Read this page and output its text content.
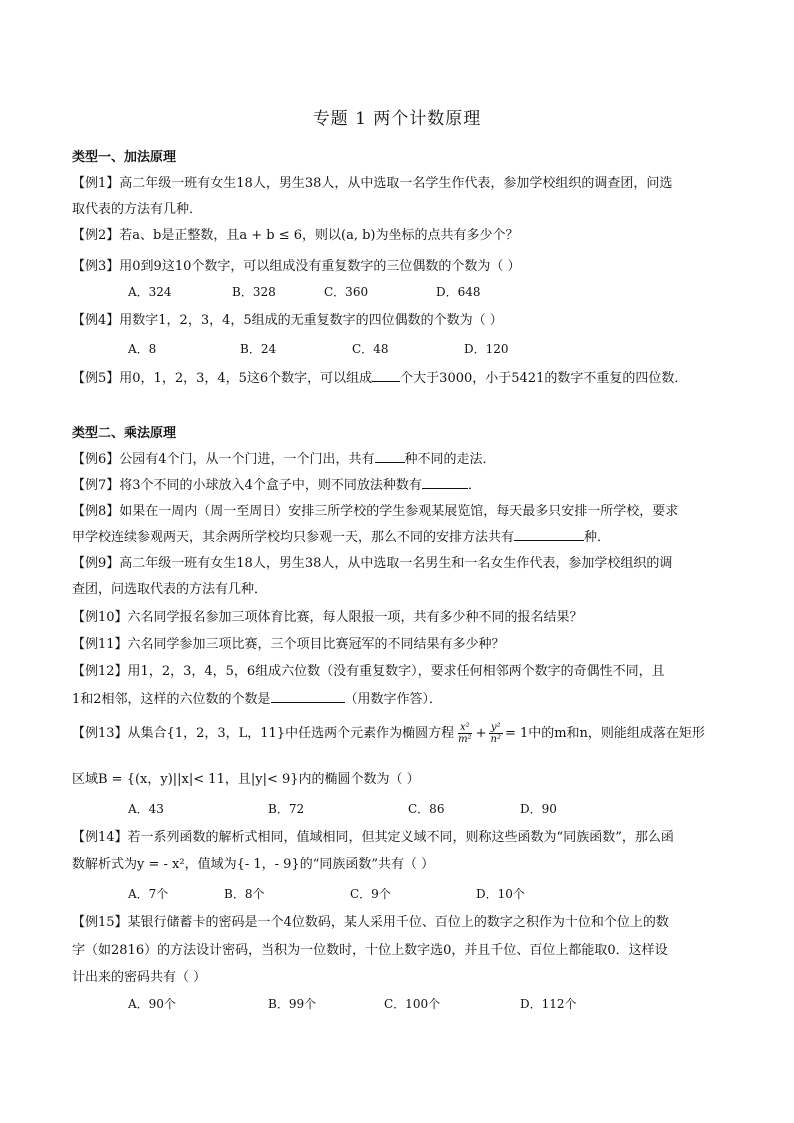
专题 1 两个计数原理
类型一、加法原理
【例1】高二年级一班有女生18人，男生38人，从中选取一名学生作代表，参加学校组织的调查团，问选
取代表的方法有几种．
【例2】若a、b是正整数，且a + b ≤ 6，则以(a, b)为坐标的点共有多少个？
【例3】用0到9这10个数字，可以组成没有重复数字的三位偶数的个数为（ ）
A．324	B．328	C．360	D．648
【例4】用数字1，2，3，4，5组成的无重复数字的四位偶数的个数为（ ）
A．8	B．24	C．48	D．120
【例5】用0，1，2，3，4，5这6个数字，可以组成 个大于3000，小于5421的数字不重复的四位数．
类型二、乘法原理
【例6】公园有4个门，从一个门进，一个门出，共有 种不同的走法．
【例7】将3个不同的小球放入4个盒子中，则不同放法种数有	．
【例8】如果在一周内（周一至周日）安排三所学校的学生参观某展览馆，每天最多只安排一所学校，要求
甲学校连续参观两天，其余两所学校均只参观一天，那么不同的安排方法共有	种．
【例9】高二年级一班有女生18人，男生38人，从中选取一名男生和一名女生作代表，参加学校组织的调
查团，问选取代表的方法有几种．
【例10】六名同学报名参加三项体育比赛，每人限报一项，共有多少种不同的报名结果？
【例11】六名同学参加三项比赛，三个项目比赛冠军的不同结果有多少种？
【例12】用1，2，3，4，5，6组成六位数（没有重复数字），要求任何相邻两个数字的奇偶性不同，且
1和2相邻，这样的六位数的个数是	（用数字作答）．
【例13】从集合{1，2，3，L，11}中任选两个元素作为椭圆方程 $\frac{\text{x²}}{\text{m²}} + \frac{\text{y²}}{\text{n²}} = 1$中的m和n，则能组成落在矩形
区域B = {(x，y)||x|< 11，且|y|< 9}内的椭圆个数为（ ）
A．43	B．72	C．86	D．90
【例14】若一系列函数的解析式相同，值域相同，但其定义域不同，则称这些函数为“同族函数”，那么函
数解析式为y = - x²，值域为{- 1，- 9}的“同族函数”共有（ ）
A．7个	B．8个	C．9个	D．10个
【例15】某银行储蓄卡的密码是一个4位数码，某人采用千位、百位上的数字之积作为十位和个位上的数
字（如2816）的方法设计密码，当积为一位数时，十位上数字选0，并且千位、百位上都能取0．这样设
计出来的密码共有（ ）
A．90个	B．99个	C．100个	D．112个
